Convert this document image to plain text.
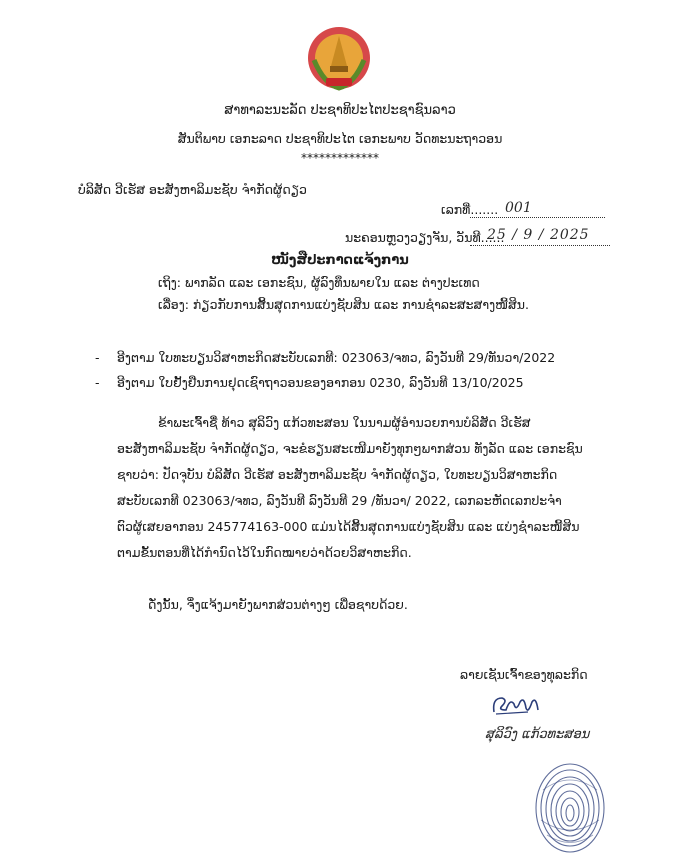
ສາທາລະນະລັດ ປະຊາທິປະໄຕປະຊາຊົນລາວ
ສັນຕິພາບ ເອກະລາດ ປະຊາທິປະໄຕ ເອກະພາບ ວັດທະນະຖາວອນ
*************
ບໍລິສັດ ວີເຮັສ ອະສັງຫາລິມະຊັບ ຈຳກັດຜູ້ດຽວ
ເລກທີ່....... 001
ນະຄອນຫຼວງວຽງຈັນ, ວັນທີ......
25 / 9 / 2025
ໜັງສືປະກາດແຈ້ງການ
ເຖິງ: ພາກລັດ ແລະ ເອກະຊົນ, ຜູ້ລົງທຶນພາຍໃນ ແລະ ຕ່າງປະເທດ
ເລື່ອງ: ກ່ຽວກັບການສິ້ນສຸດການແບ່ງຊັບສິນ ແລະ ການຊຳລະສະສາງໜີ້ສິນ.
- ອີງຕາມ ໃບທະບຽນວິສາຫະກິດສະບັບເລກທີ: 023063/ຈທວ, ລົງວັນທີ 29/ທັນວາ/2022
- ອີງຕາມ ໃບຢັ້ງຢືນການຢຸດເຊົາຖາວອນຂອງອາກອນ 0230, ລົງວັນທີ 13/10/2025
ຂ້າພະເຈົ້າຊື່ ທ້າວ ສຸລິວົງ ແກ້ວທະສອນ ໃນນາມຜູ້ອຳນວຍການບໍລິສັດ ວີເຮັສ
ອະສັງຫາລິມະຊັບ ຈຳກັດຜູ້ດຽວ, ຈະຂໍຮຽນສະເໜີມາຍັງທຸກໆພາກສ່ວນ ທັງລັດ ແລະ ເອກະຊົນ
ຊາບວ່າ: ປັດຈຸບັນ ບໍລິສັດ ວີເຮັສ ອະສັງຫາລິມະຊັບ ຈຳກັດຜູ້ດຽວ, ໃບທະບຽນວິສາຫະກິດ
ສະບັບເລກທີ 023063/ຈທວ, ລົງວັນທີ ລົງວັນທີ 29 /ທັນວາ/ 2022, ເລກລະຫັດເລກປະຈຳ
ຕົວຜູ້ເສຍອາກອນ 245774163-000 ແມ່ນໄດ້ສິ້ນສຸດການແບ່ງຊັບສິນ ແລະ ແບ່ງຊຳລະໜີ້ສິນ
ຕາມຂັ້ນຕອນທີ່ໄດ້ກຳນົດໄວ້ໃນກົດໝາຍວ່າດ້ວຍວິສາຫະກິດ.
ດັ່ງນັ້ນ, ຈຶ່ງແຈ້ງມາຍັງພາກສ່ວນຕ່າງໆ ເພື່ອຊາບດ້ວຍ.
ລາຍເຊັນເຈົ້າຂອງທຸລະກິດ
ສຸລິວົງ ແກ້ວທະສອນ
